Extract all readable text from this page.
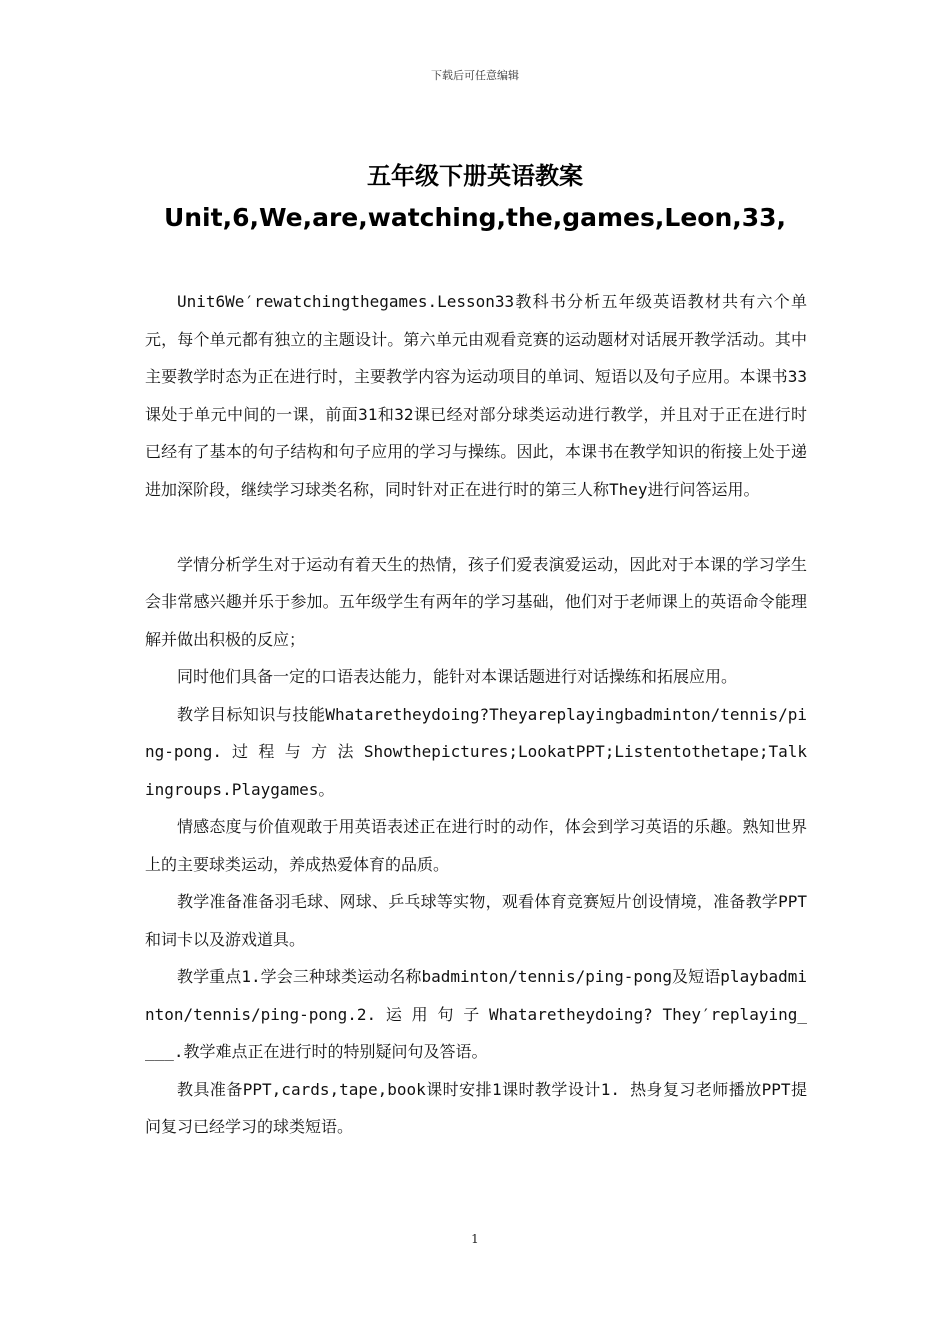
下载后可任意编辑
五年级下册英语教案
Unit,6,We,are,watching,the,games,Leon,33,

Unit6We′rewatchingthegames.Lesson33教科书分析五年级英语教材共有六个单元，每个单元都有独立的主题设计。第六单元由观看竞赛的运动题材对话展开教学活动。其中主要教学时态为正在进行时，主要教学内容为运动项目的单词、短语以及句子应用。本课书33课处于单元中间的一课，前面31和32课已经对部分球类运动进行教学，并且对于正在进行时已经有了基本的句子结构和句子应用的学习与操练。因此，本课书在教学知识的衔接上处于递进加深阶段，继续学习球类名称，同时针对正在进行时的第三人称They进行问答运用。

学情分析学生对于运动有着天生的热情，孩子们爱表演爱运动，因此对于本课的学习学生会非常感兴趣并乐于参加。五年级学生有两年的学习基础，他们对于老师课上的英语命令能理解并做出积极的反应；

同时他们具备一定的口语表达能力，能针对本课话题进行对话操练和拓展应用。

教学目标知识与技能Whataretheydoing?Theyareplayingbadminton/tennis/ping-pong. 过 程 与 方 法 Showthepictures;LookatPPT;Listentothetape;Talkingroups.Playgames。

情感态度与价值观敢于用英语表述正在进行时的动作，体会到学习英语的乐趣。熟知世界上的主要球类运动，养成热爱体育的品质。

教学准备准备羽毛球、网球、乒乓球等实物，观看体育竞赛短片创设情境，准备教学PPT和词卡以及游戏道具。

教学重点1.学会三种球类运动名称badminton/tennis/ping-pong及短语playbadminton/tennis/ping-pong.2. 运 用 句 子 Whataretheydoing? They′replaying____.教学难点正在进行时的特别疑问句及答语。

教具准备PPT,cards,tape,book课时安排1课时教学设计1. 热身复习老师播放PPT提问复习已经学习的球类短语。

1
